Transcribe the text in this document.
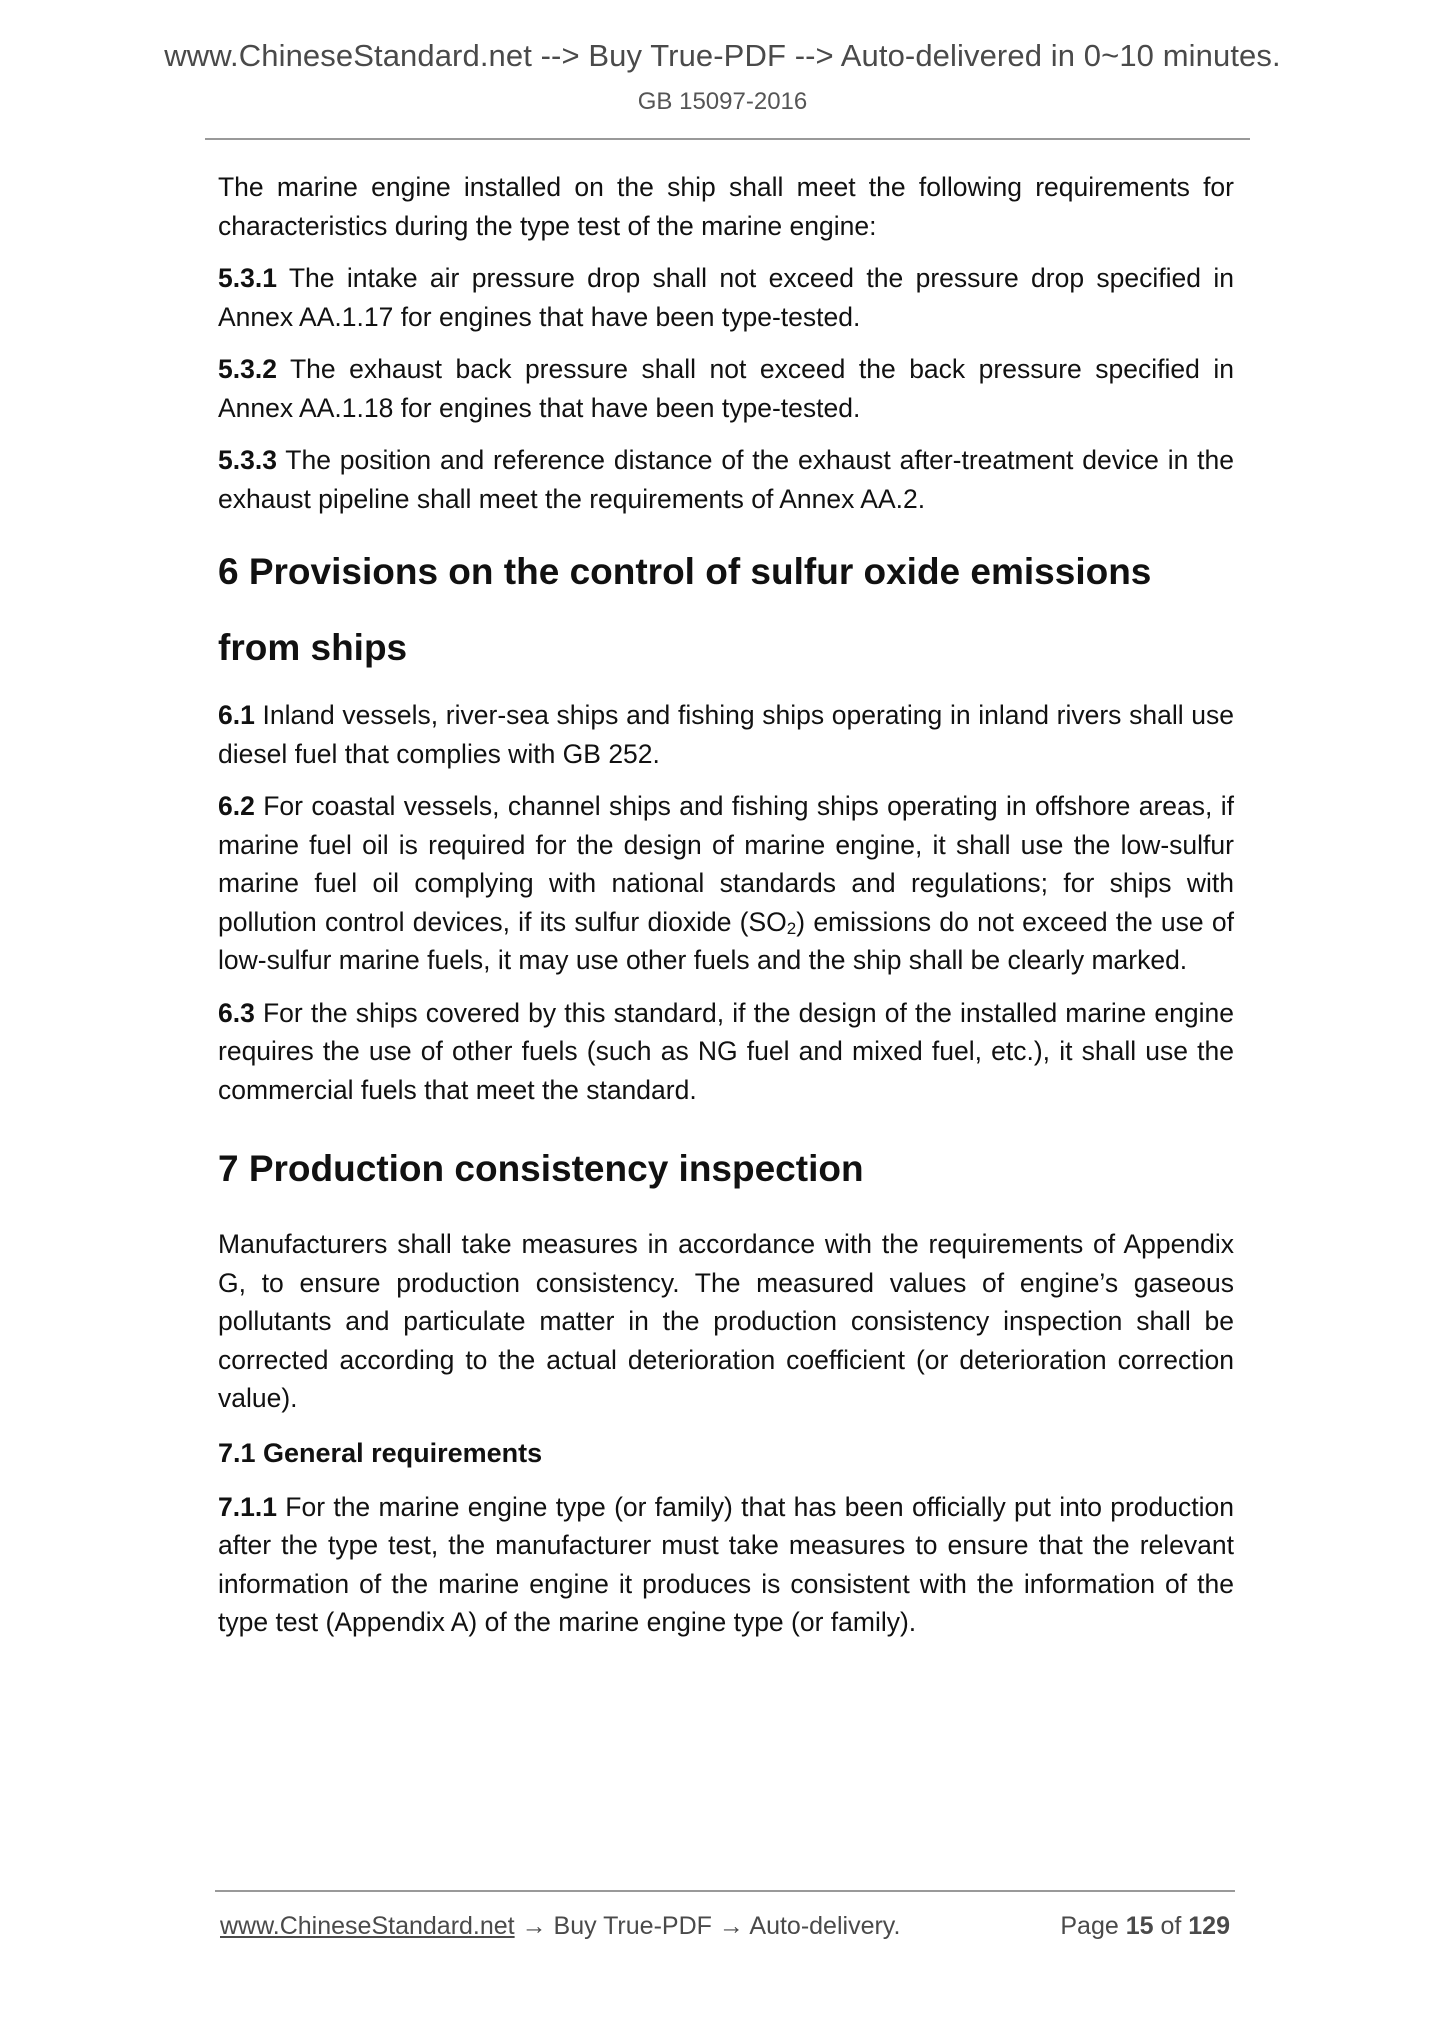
www.ChineseStandard.net --> Buy True-PDF --> Auto-delivered in 0~10 minutes.
GB 15097-2016

The marine engine installed on the ship shall meet the following requirements for characteristics during the type test of the marine engine:

5.3.1 The intake air pressure drop shall not exceed the pressure drop specified in Annex AA.1.17 for engines that have been type-tested.

5.3.2 The exhaust back pressure shall not exceed the back pressure specified in Annex AA.1.18 for engines that have been type-tested.

5.3.3 The position and reference distance of the exhaust after-treatment device in the exhaust pipeline shall meet the requirements of Annex AA.2.

6 Provisions on the control of sulfur oxide emissions from ships

6.1 Inland vessels, river-sea ships and fishing ships operating in inland rivers shall use diesel fuel that complies with GB 252.

6.2 For coastal vessels, channel ships and fishing ships operating in offshore areas, if marine fuel oil is required for the design of marine engine, it shall use the low-sulfur marine fuel oil complying with national standards and regulations; for ships with pollution control devices, if its sulfur dioxide $(SO_2)$ emissions do not exceed the use of low-sulfur marine fuels, it may use other fuels and the ship shall be clearly marked.

6.3 For the ships covered by this standard, if the design of the installed marine engine requires the use of other fuels (such as NG fuel and mixed fuel, etc.), it shall use the commercial fuels that meet the standard.

7 Production consistency inspection

Manufacturers shall take measures in accordance with the requirements of Appendix G, to ensure production consistency. The measured values of engine’s gaseous pollutants and particulate matter in the production consistency inspection shall be corrected according to the actual deterioration coefficient (or deterioration correction value).

7.1 General requirements

7.1.1 For the marine engine type (or family) that has been officially put into production after the type test, the manufacturer must take measures to ensure that the relevant information of the marine engine it produces is consistent with the information of the type test (Appendix A) of the marine engine type (or family).

www.ChineseStandard.net → Buy True-PDF → Auto-delivery.	Page 15 of 129
